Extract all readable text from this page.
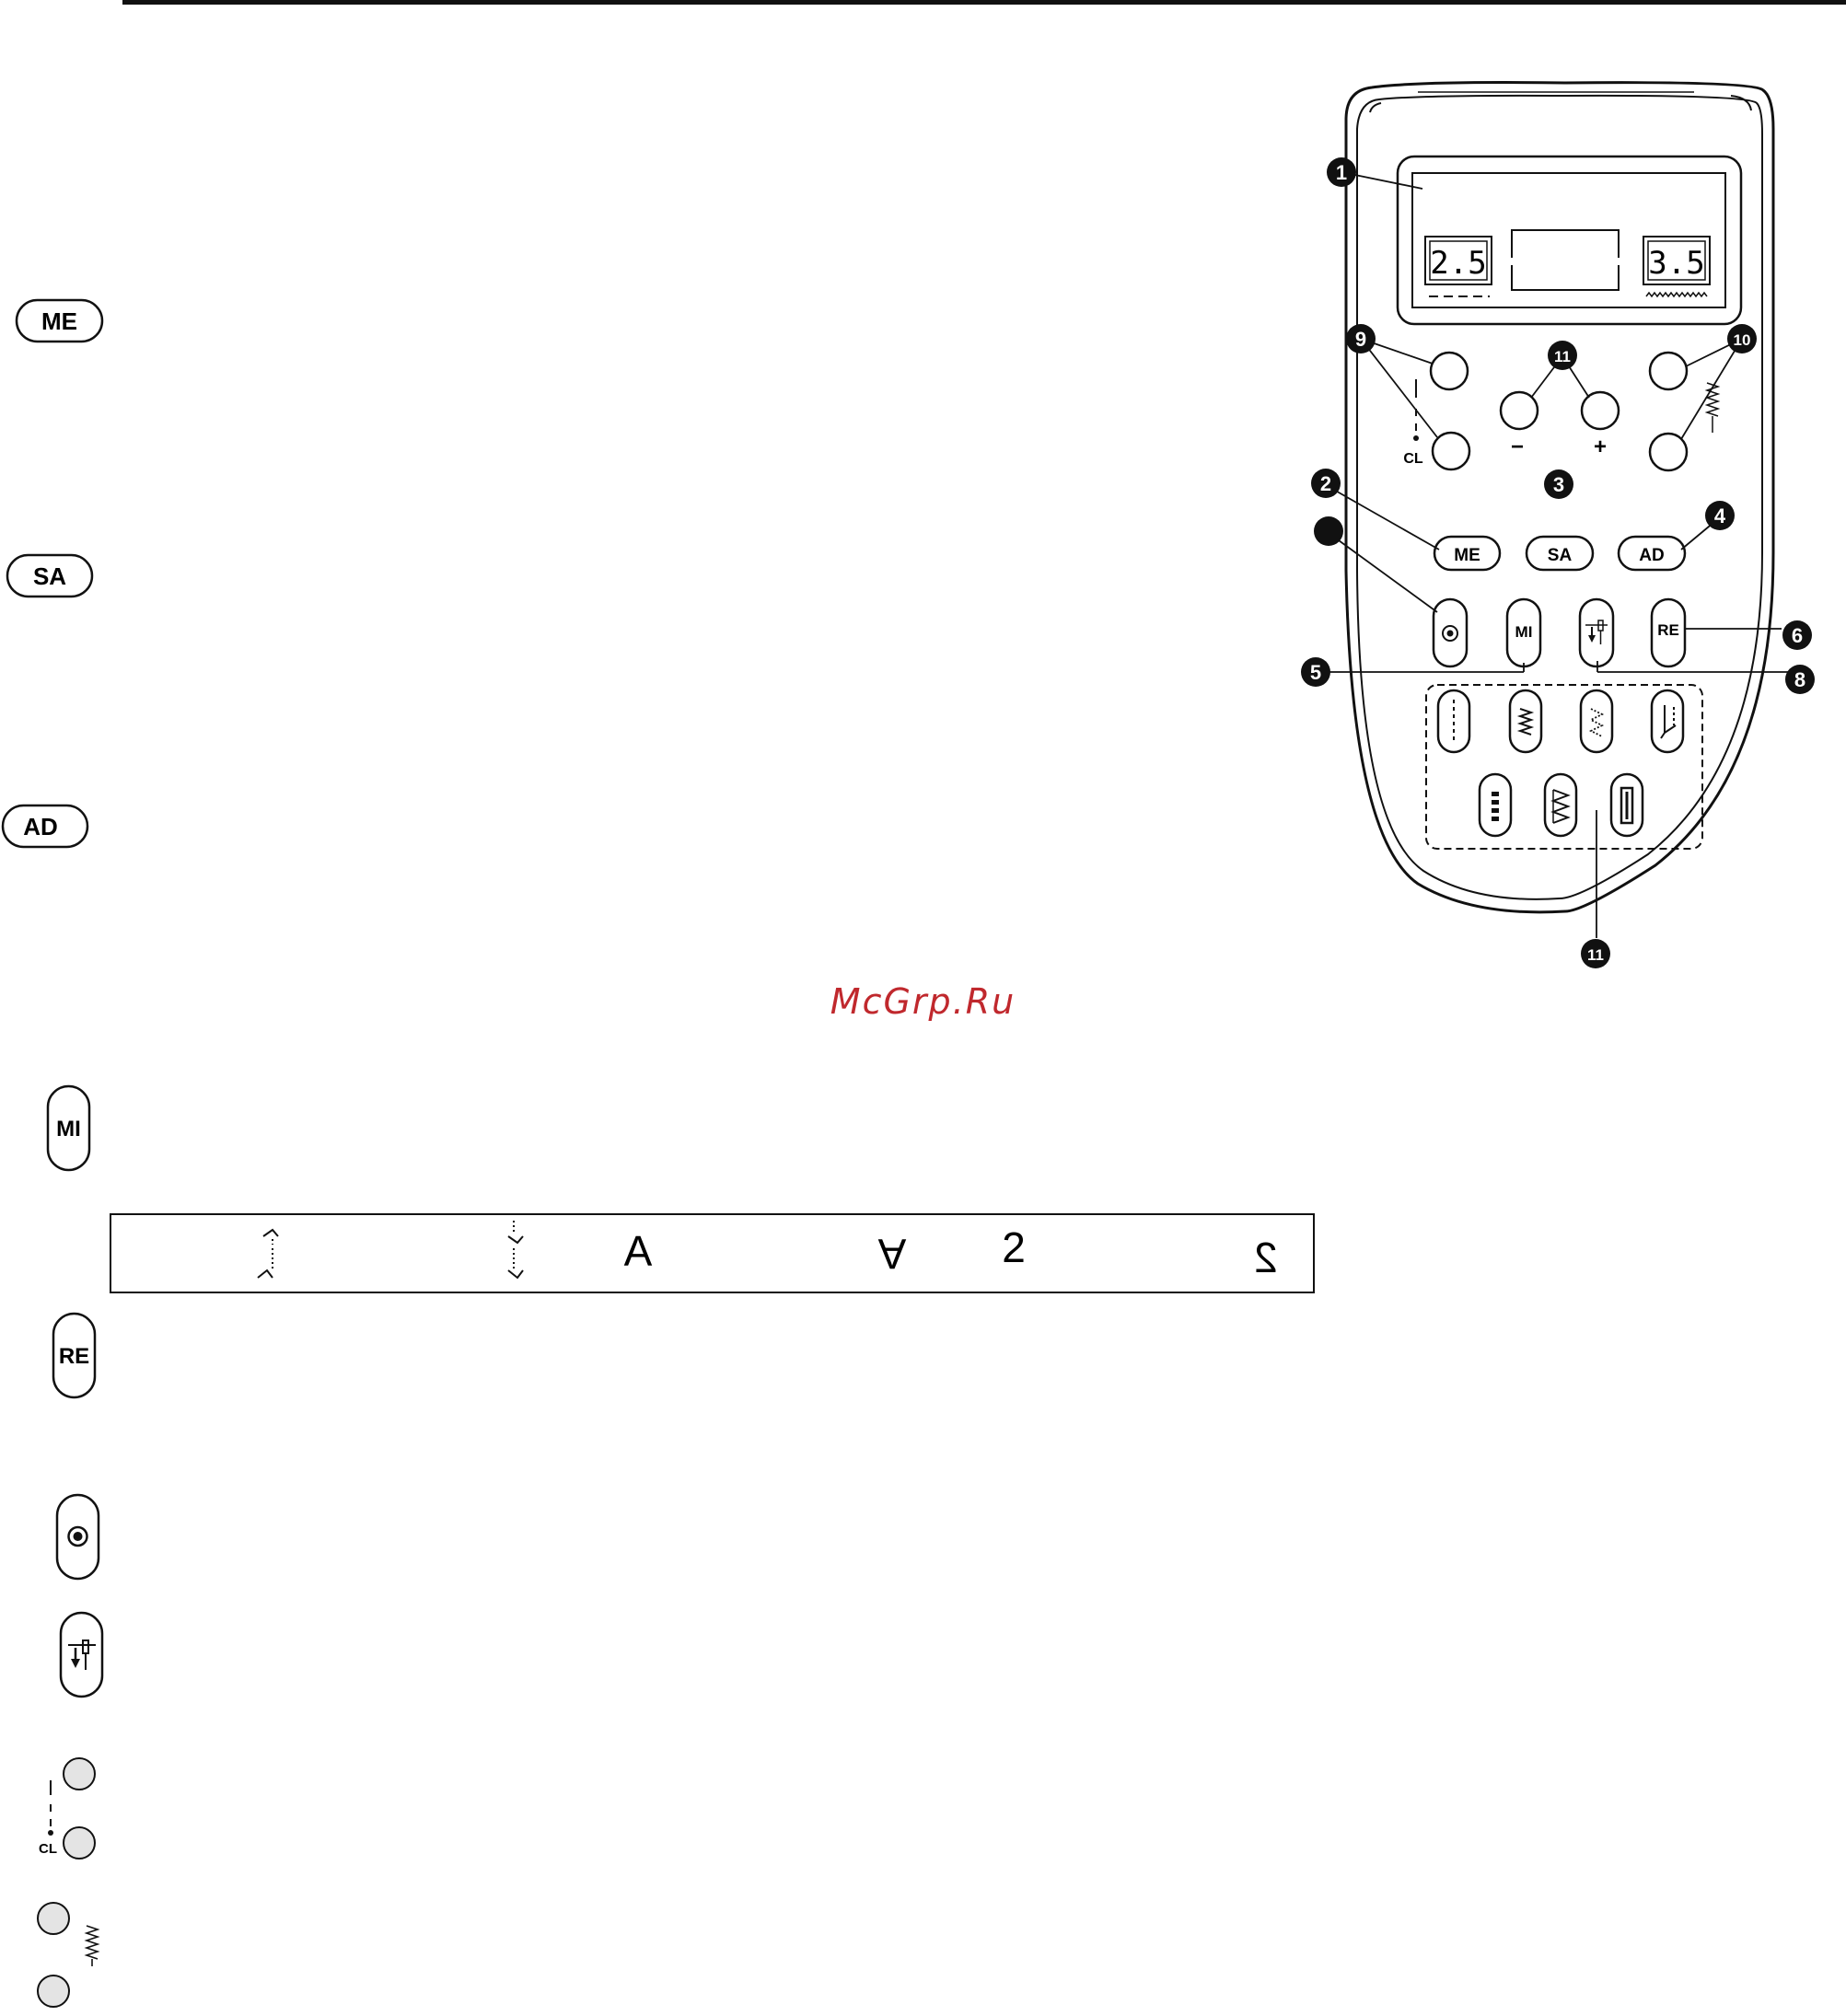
ME
SA
AD
MI
RE
CL
A	A 2	2
2.5	3.5
−	+
CL
ME	SA	AD
MI	RE
1
2	3
4
5
6
8
9	10
11
11
McGrp.Ru
